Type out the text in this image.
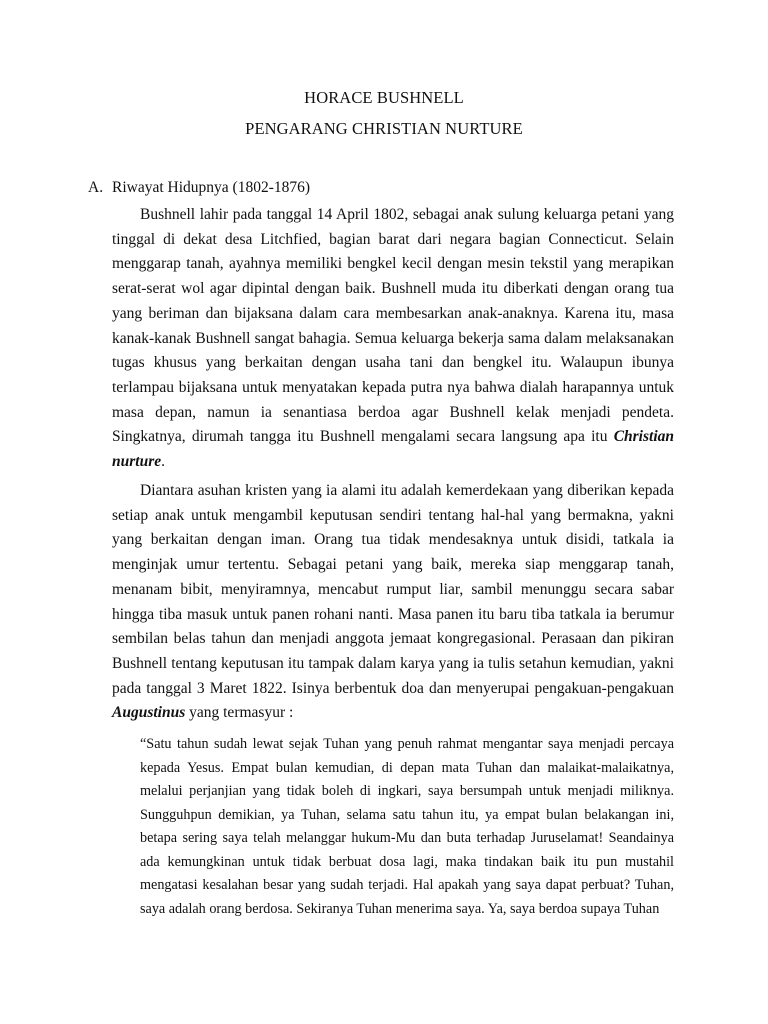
HORACE BUSHNELL
PENGARANG CHRISTIAN NURTURE
A. Riwayat Hidupnya (1802-1876)

Bushnell lahir pada tanggal 14 April 1802, sebagai anak sulung keluarga petani yang tinggal di dekat desa Litchfied, bagian barat dari negara bagian Connecticut. Selain menggarap tanah, ayahnya memiliki bengkel kecil dengan mesin tekstil yang merapikan serat-serat wol agar dipintal dengan baik. Bushnell muda itu diberkati dengan orang tua yang beriman dan bijaksana dalam cara membesarkan anak-anaknya. Karena itu, masa kanak-kanak Bushnell sangat bahagia. Semua keluarga bekerja sama dalam melaksanakan tugas khusus yang berkaitan dengan usaha tani dan bengkel itu. Walaupun ibunya terlampau bijaksana untuk menyatakan kepada putra nya bahwa dialah harapannya untuk masa depan, namun ia senantiasa berdoa agar Bushnell kelak menjadi pendeta. Singkatnya, dirumah tangga itu Bushnell mengalami secara langsung apa itu Christian nurture.

Diantara asuhan kristen yang ia alami itu adalah kemerdekaan yang diberikan kepada setiap anak untuk mengambil keputusan sendiri tentang hal-hal yang bermakna, yakni yang berkaitan dengan iman. Orang tua tidak mendesaknya untuk disidi, tatkala ia menginjak umur tertentu. Sebagai petani yang baik, mereka siap menggarap tanah, menanam bibit, menyiramnya, mencabut rumput liar, sambil menunggu secara sabar hingga tiba masuk untuk panen rohani nanti. Masa panen itu baru tiba tatkala ia berumur sembilan belas tahun dan menjadi anggota jemaat kongregasional. Perasaan dan pikiran Bushnell tentang keputusan itu tampak dalam karya yang ia tulis setahun kemudian, yakni pada tanggal 3 Maret 1822. Isinya berbentuk doa dan menyerupai pengakuan-pengakuan Augustinus yang termasyur :

“Satu tahun sudah lewat sejak Tuhan yang penuh rahmat mengantar saya menjadi percaya kepada Yesus. Empat bulan kemudian, di depan mata Tuhan dan malaikat-malaikatnya, melalui perjanjian yang tidak boleh di ingkari, saya bersumpah untuk menjadi miliknya. Sungguhpun demikian, ya Tuhan, selama satu tahun itu, ya empat bulan belakangan ini, betapa sering saya telah melanggar hukum-Mu dan buta terhadap Juruselamat! Seandainya ada kemungkinan untuk tidak berbuat dosa lagi, maka tindakan baik itu pun mustahil mengatasi kesalahan besar yang sudah terjadi. Hal apakah yang saya dapat perbuat? Tuhan, saya adalah orang berdosa. Sekiranya Tuhan menerima saya. Ya, saya berdoa supaya Tuhan
